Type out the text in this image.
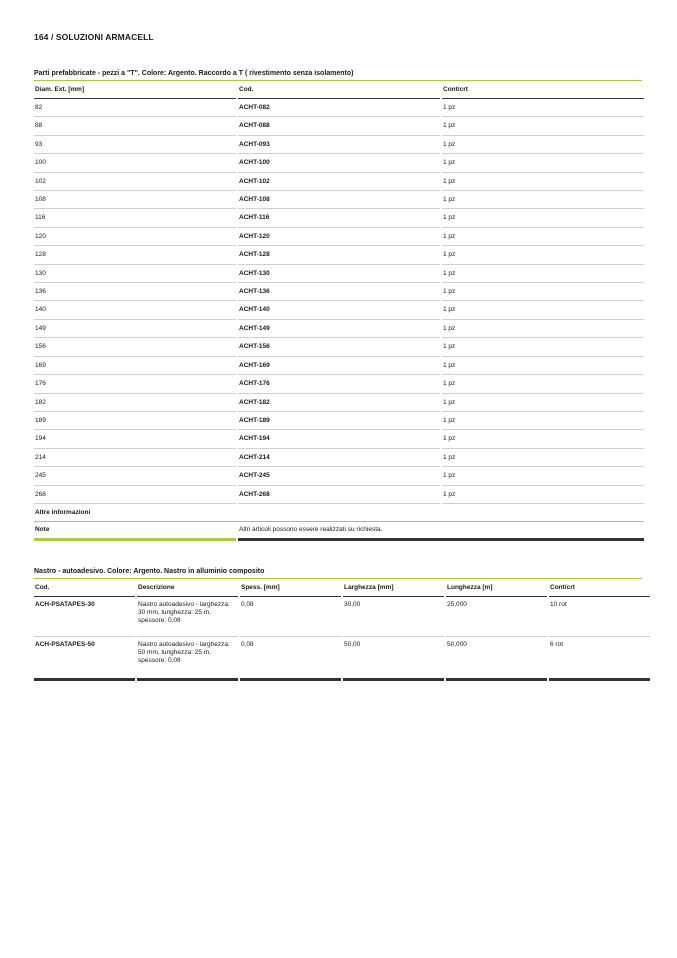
164 / SOLUZIONI ARMACELL
Parti prefabbricate - pezzi a "T". Colore: Argento. Raccordo a T ( rivestimento senza isolamento)
Diam. Ext. [mm]	Cod.	Cont/crt
82	ACHT-082	1 pz
88	ACHT-088	1 pz
93	ACHT-093	1 pz
100	ACHT-100	1 pz
102	ACHT-102	1 pz
108	ACHT-108	1 pz
116	ACHT-116	1 pz
120	ACHT-120	1 pz
128	ACHT-128	1 pz
130	ACHT-130	1 pz
136	ACHT-136	1 pz
140	ACHT-140	1 pz
149	ACHT-149	1 pz
156	ACHT-156	1 pz
169	ACHT-169	1 pz
176	ACHT-176	1 pz
182	ACHT-182	1 pz
189	ACHT-189	1 pz
194	ACHT-194	1 pz
214	ACHT-214	1 pz
245	ACHT-245	1 pz
268	ACHT-268	1 pz
Altre informazioni		
Note	Altri articoli possono essere realizzati su richiesta.	
Nastro - autoadesivo. Colore: Argento. Nastro in alluminio composito
Cod.	Descrizione	Spess. [mm]	Larghezza [mm]	Lunghezza [m]	Cont/crt
ACH-PSATAPES-30	Nastro autoadesivo - larghezza: 30 mm, lunghezza: 25 m, spessore: 0,08	0,08	30,00	25,000	10 rot
ACH-PSATAPES-50	Nastro autoadesivo - larghezza: 50 mm, lunghezza: 25 m, spessore: 0,08	0,08	50,00	50,000	6 rot
